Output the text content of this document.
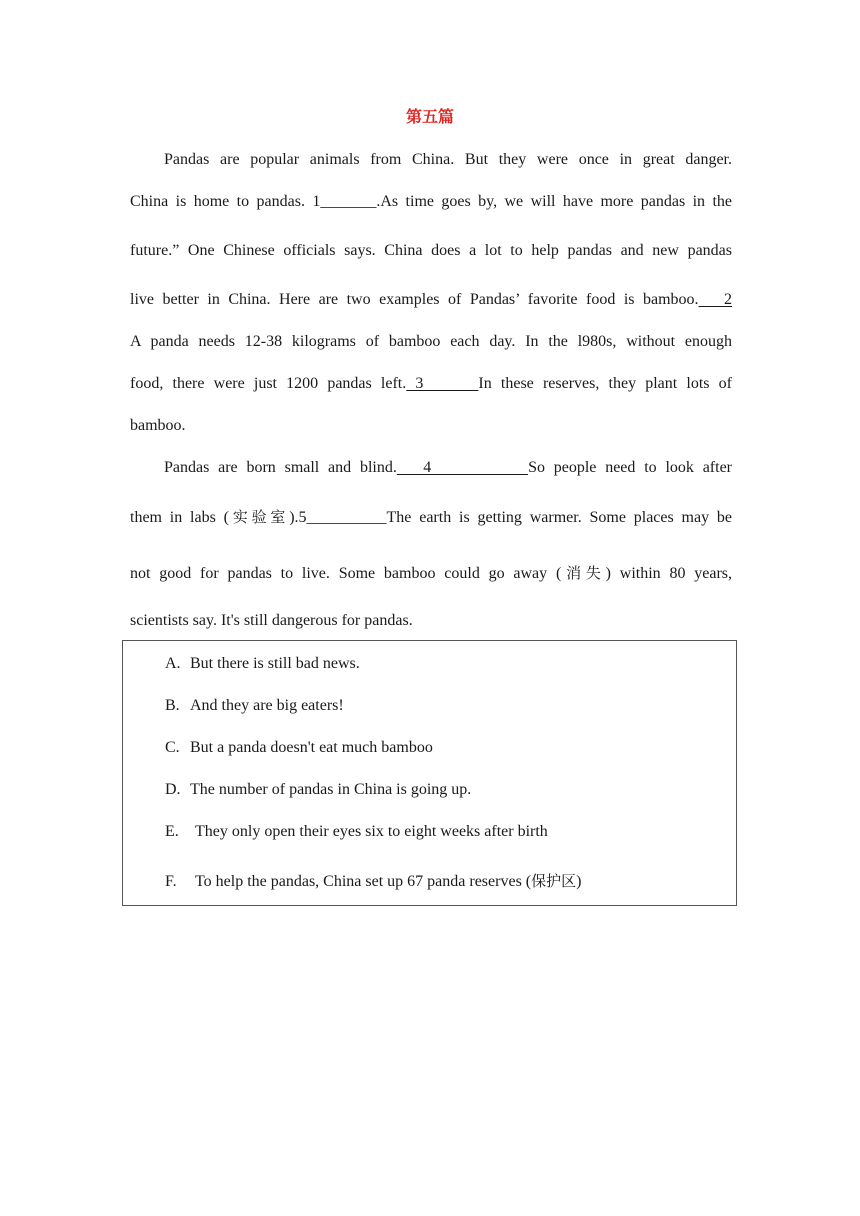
第五篇
Pandas are popular animals from China. But they were once in great danger.
China is home to pandas. 1_______.As time goes by, we will have more pandas in the
future.” One Chinese officials says. China does a lot to help pandas and new pandas
live better in China. Here are two examples of Pandas’ favorite food is bamboo.   2
A panda needs 12-38 kilograms of bamboo each day. In the l980s, without enough
food, there were just 1200 pandas left. 3      In these reserves, they plant lots of
bamboo.
Pandas are born small and blind.   4           So people need to look after
them in labs (实验室).5__________The earth is getting warmer. Some places may be
not good for pandas to live. Some bamboo could go away (消失) within 80 years,
scientists say. It's still dangerous for pandas.
A. But there is still bad news.
B. And they are big eaters!
C. But a panda doesn't eat much bamboo
D. The number of pandas in China is going up.
E. They only open their eyes six to eight weeks after birth
F. To help the pandas, China set up 67 panda reserves (保护区)
